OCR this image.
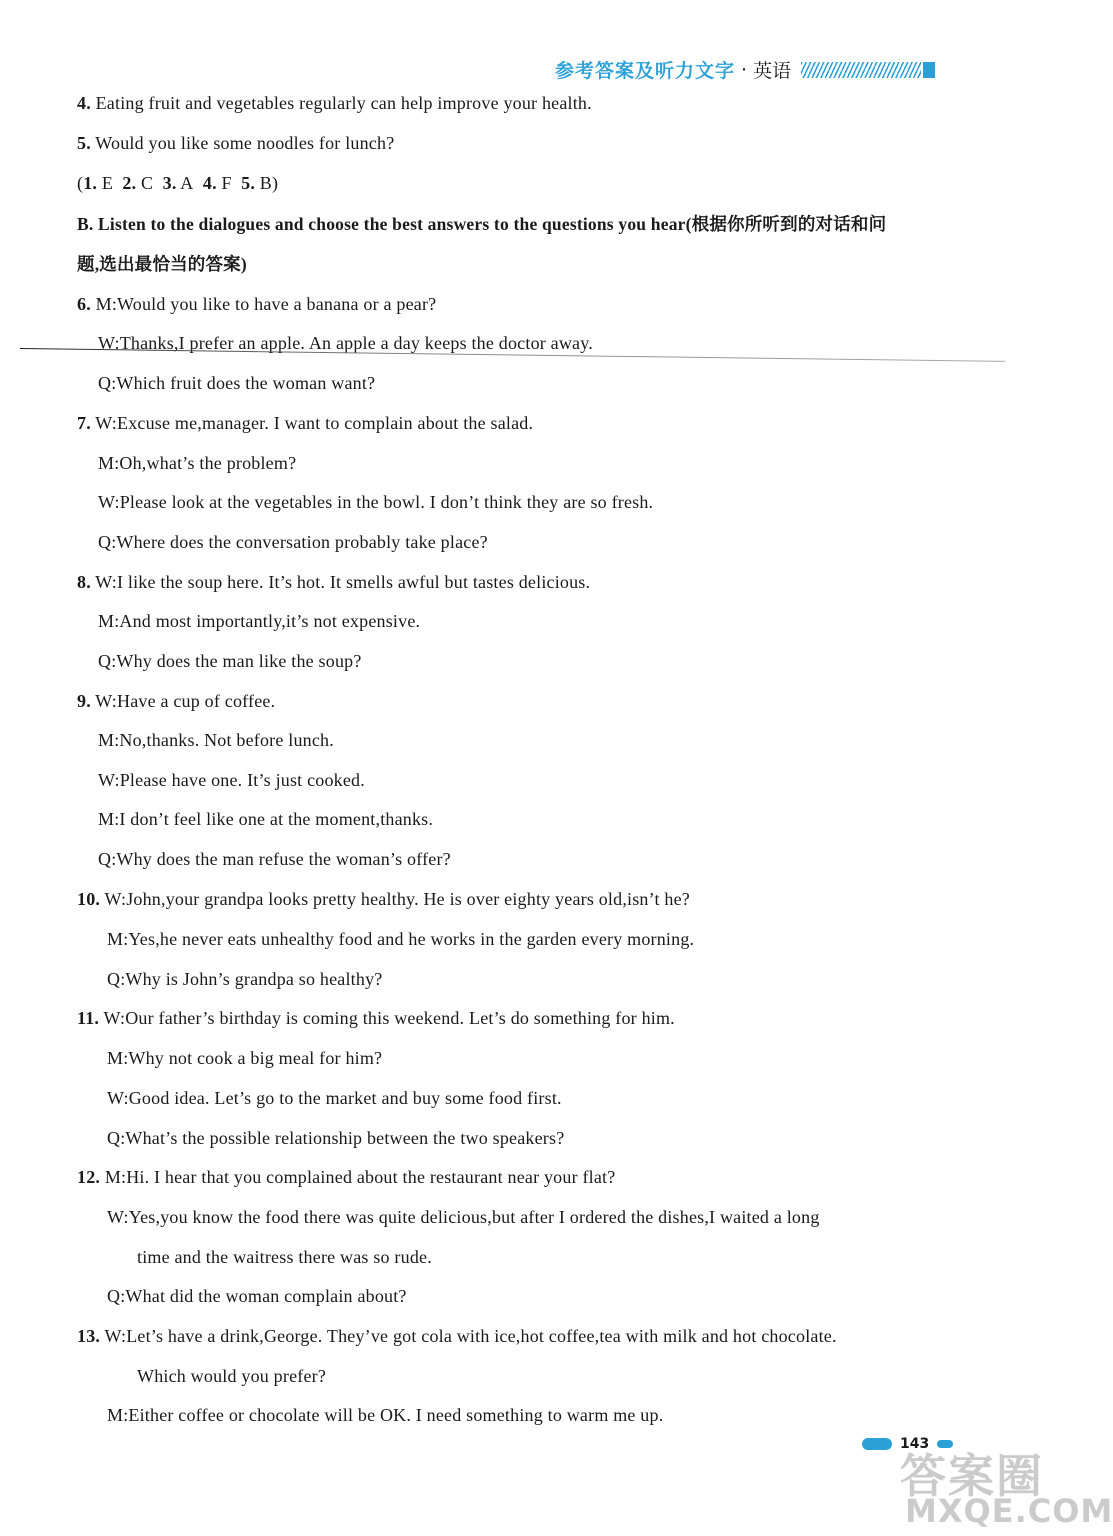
参考答案及听力文字 · 英语
4. Eating fruit and vegetables regularly can help improve your health.
5. Would you like some noodles for lunch?
(1. E 2. C 3. A 4. F 5. B)
B. Listen to the dialogues and choose the best answers to the questions you hear(根据你所听到的对话和问
题,选出最恰当的答案)
6. M:Would you like to have a banana or a pear?
W:Thanks,I prefer an apple. An apple a day keeps the doctor away.
Q:Which fruit does the woman want?
7. W:Excuse me,manager. I want to complain about the salad.
M:Oh,what’s the problem?
W:Please look at the vegetables in the bowl. I don’t think they are so fresh.
Q:Where does the conversation probably take place?
8. W:I like the soup here. It’s hot. It smells awful but tastes delicious.
M:And most importantly,it’s not expensive.
Q:Why does the man like the soup?
9. W:Have a cup of coffee.
M:No,thanks. Not before lunch.
W:Please have one. It’s just cooked.
M:I don’t feel like one at the moment,thanks.
Q:Why does the man refuse the woman’s offer?
10. W:John,your grandpa looks pretty healthy. He is over eighty years old,isn’t he?
M:Yes,he never eats unhealthy food and he works in the garden every morning.
Q:Why is John’s grandpa so healthy?
11. W:Our father’s birthday is coming this weekend. Let’s do something for him.
M:Why not cook a big meal for him?
W:Good idea. Let’s go to the market and buy some food first.
Q:What’s the possible relationship between the two speakers?
12. M:Hi. I hear that you complained about the restaurant near your flat?
W:Yes,you know the food there was quite delicious,but after I ordered the dishes,I waited a long
time and the waitress there was so rude.
Q:What did the woman complain about?
13. W:Let’s have a drink,George. They’ve got cola with ice,hot coffee,tea with milk and hot chocolate.
Which would you prefer?
M:Either coffee or chocolate will be OK. I need something to warm me up.
143
答案圈
MXQE.COM
